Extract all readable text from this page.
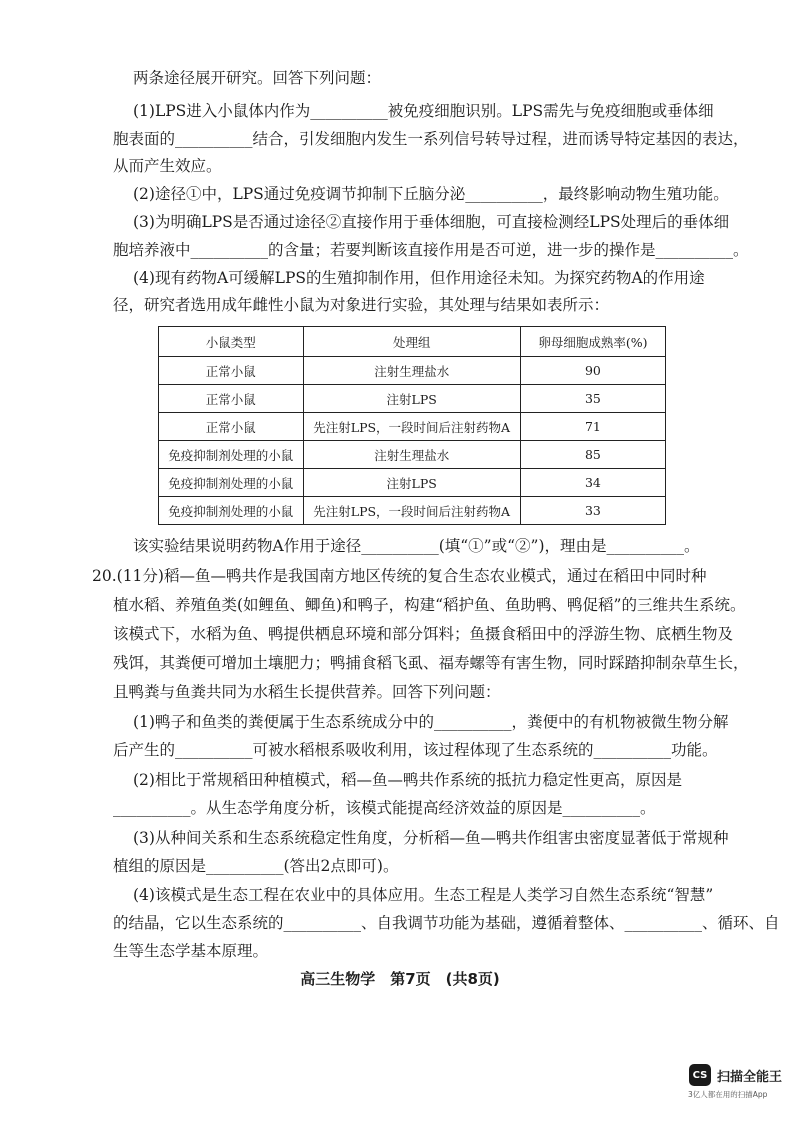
两条途径展开研究。回答下列问题：
(1)LPS进入小鼠体内作为__________被免疫细胞识别。LPS需先与免疫细胞或垂体细
胞表面的__________结合，引发细胞内发生一系列信号转导过程，进而诱导特定基因的表达，
从而产生效应。
(2)途径①中，LPS通过免疫调节抑制下丘脑分泌__________，最终影响动物生殖功能。
(3)为明确LPS是否通过途径②直接作用于垂体细胞，可直接检测经LPS处理后的垂体细
胞培养液中__________的含量；若要判断该直接作用是否可逆，进一步的操作是__________。
(4)现有药物A可缓解LPS的生殖抑制作用，但作用途径未知。为探究药物A的作用途
径，研究者选用成年雌性小鼠为对象进行实验，其处理与结果如表所示：
小鼠类型	处理组	卵母细胞成熟率(%)
正常小鼠	注射生理盐水	90
正常小鼠	注射LPS	35
正常小鼠	先注射LPS，一段时间后注射药物A	71
免疫抑制剂处理的小鼠	注射生理盐水	85
免疫抑制剂处理的小鼠	注射LPS	34
免疫抑制剂处理的小鼠	先注射LPS，一段时间后注射药物A	33
该实验结果说明药物A作用于途径__________(填“①”或“②”)，理由是__________。
20.(11分)稻—鱼—鸭共作是我国南方地区传统的复合生态农业模式，通过在稻田中同时种
植水稻、养殖鱼类(如鲤鱼、鲫鱼)和鸭子，构建“稻护鱼、鱼助鸭、鸭促稻”的三维共生系统。
该模式下，水稻为鱼、鸭提供栖息环境和部分饵料；鱼摄食稻田中的浮游生物、底栖生物及
残饵，其粪便可增加土壤肥力；鸭捕食稻飞虱、福寿螺等有害生物，同时踩踏抑制杂草生长，
且鸭粪与鱼粪共同为水稻生长提供营养。回答下列问题：
(1)鸭子和鱼类的粪便属于生态系统成分中的__________，粪便中的有机物被微生物分解
后产生的__________可被水稻根系吸收利用，该过程体现了生态系统的__________功能。
(2)相比于常规稻田种植模式，稻—鱼—鸭共作系统的抵抗力稳定性更高，原因是
__________。从生态学角度分析，该模式能提高经济效益的原因是__________。
(3)从种间关系和生态系统稳定性角度，分析稻—鱼—鸭共作组害虫密度显著低于常规种
植组的原因是__________(答出2点即可)。
(4)该模式是生态工程在农业中的具体应用。生态工程是人类学习自然生态系统“智慧”
的结晶，它以生态系统的__________、自我调节功能为基础，遵循着整体、__________、循环、自
生等生态学基本原理。
高三生物学　第7页　(共8页)
CS 扫描全能王
3亿人都在用的扫描App
